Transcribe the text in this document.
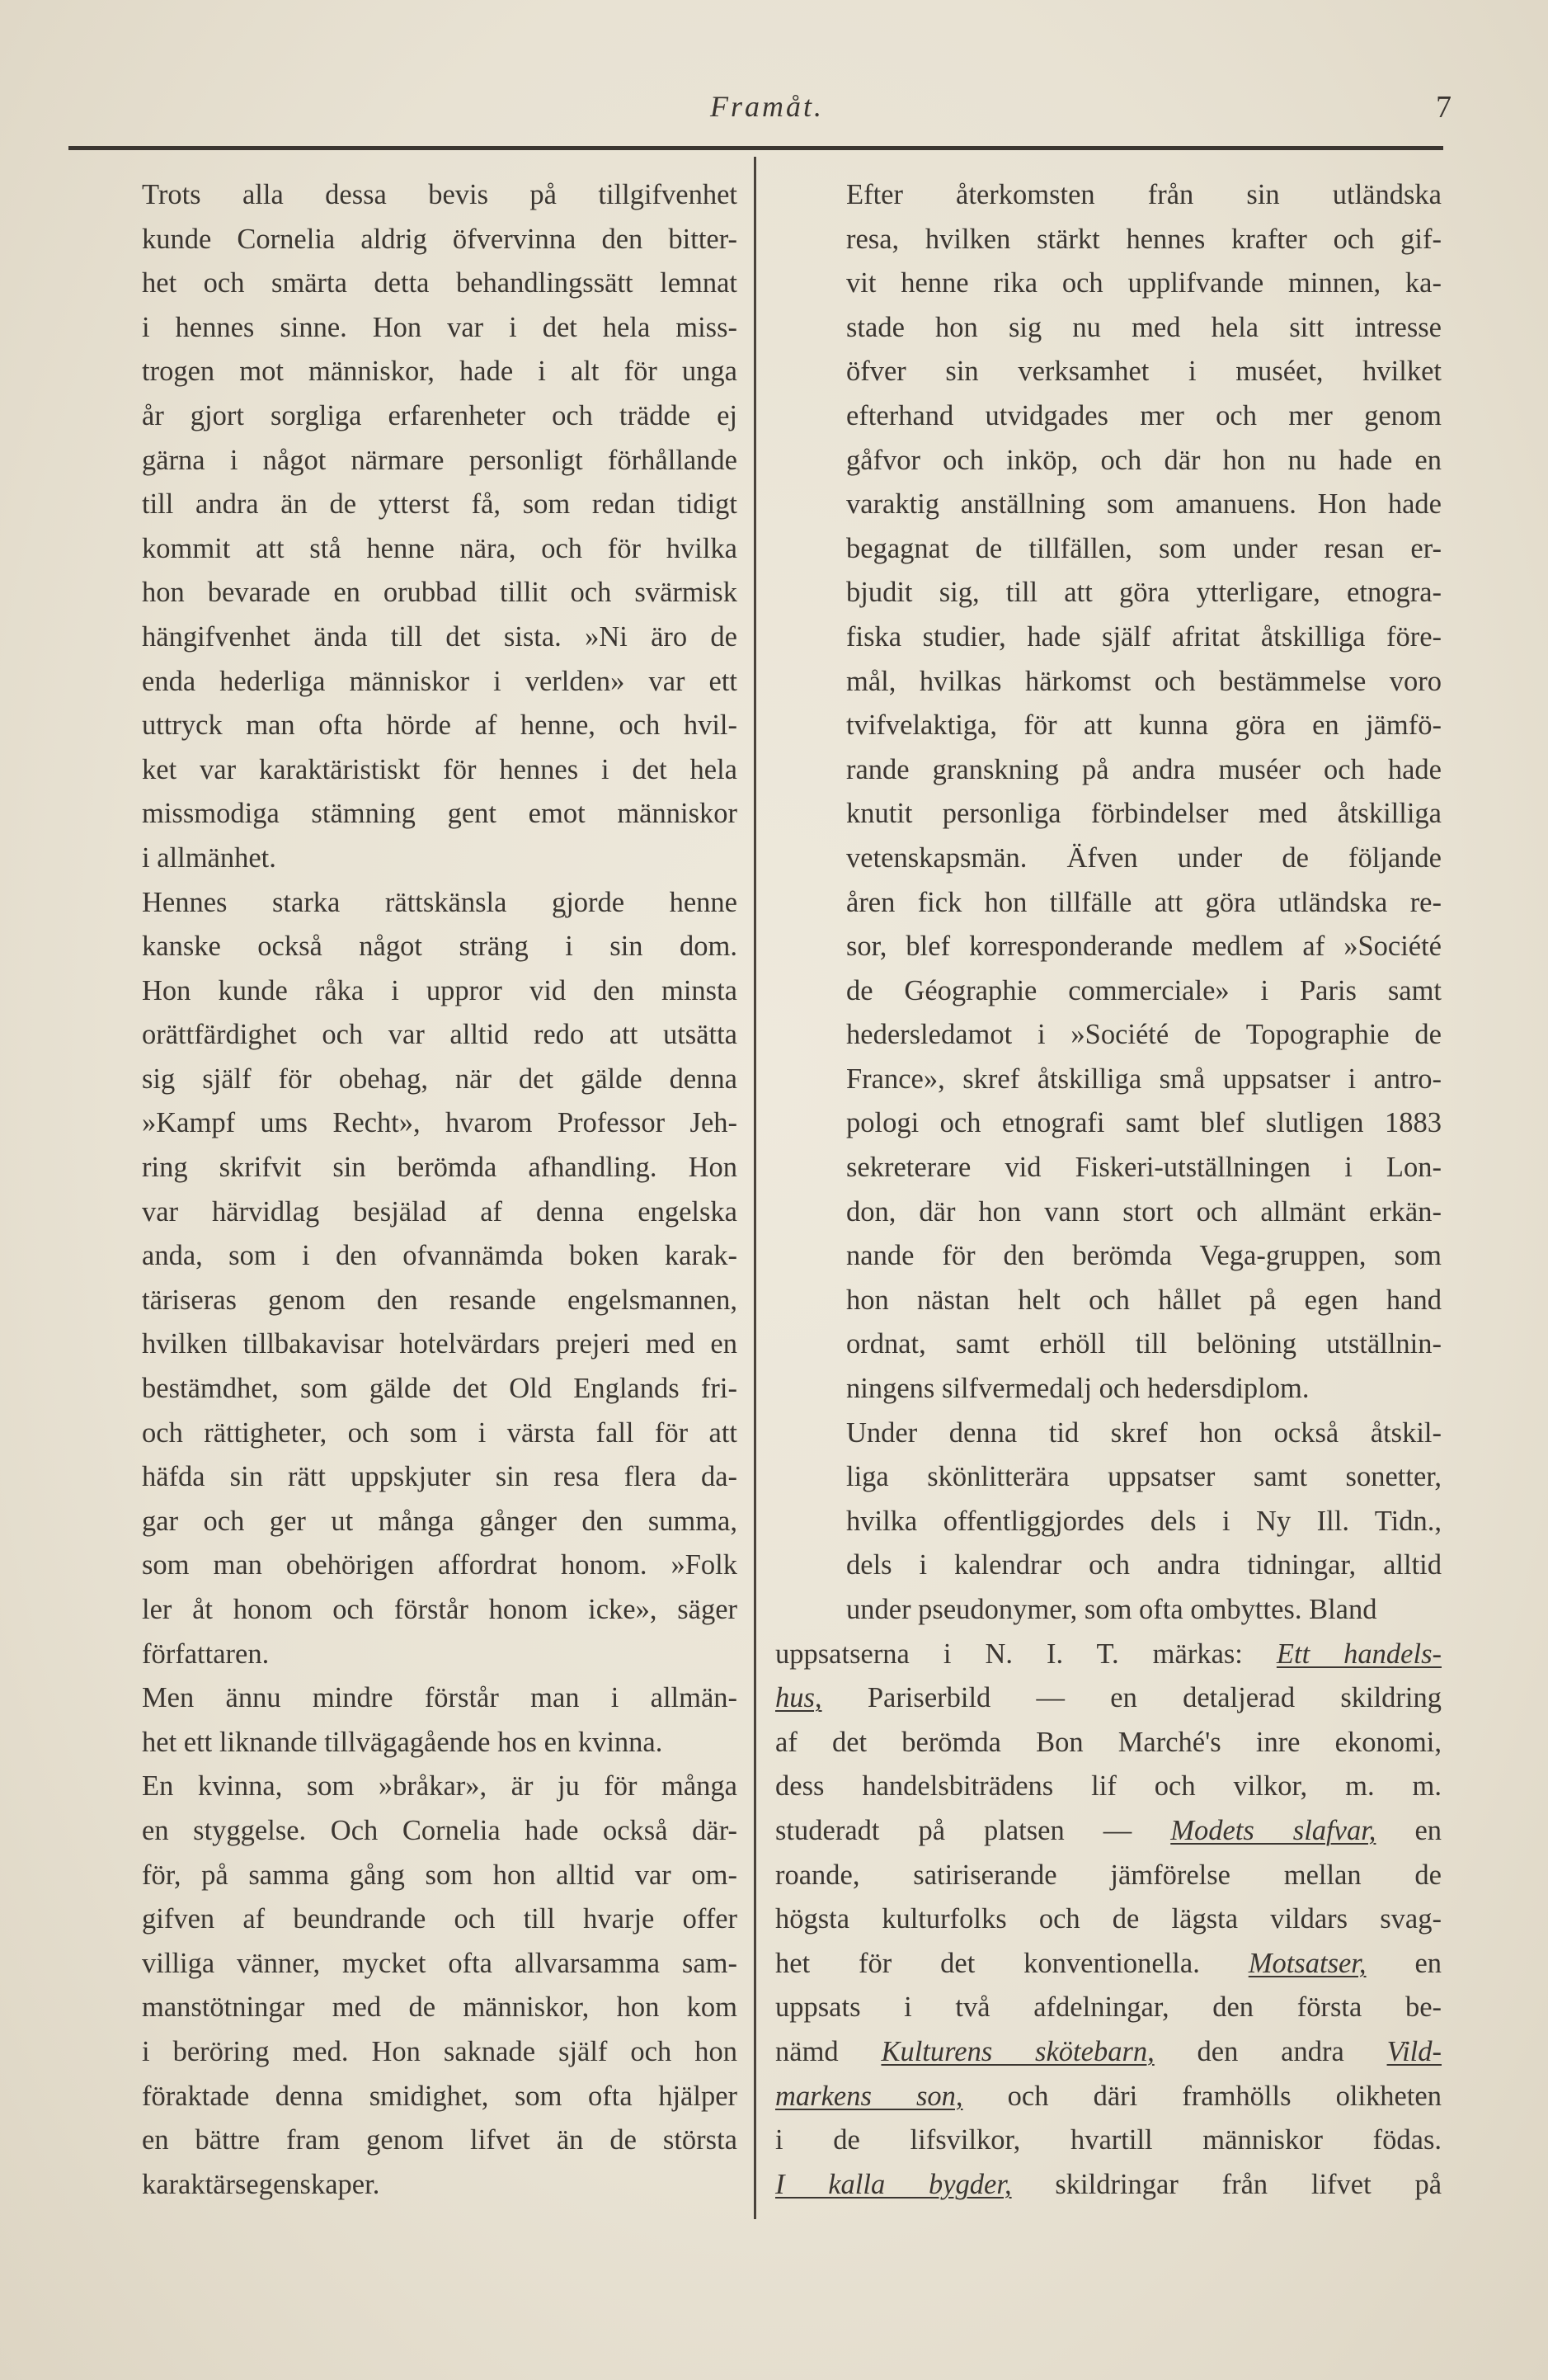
Framåt.	7
Trots alla dessa bevis på tillgifvenhet
kunde Cornelia aldrig öfvervinna den bitter-
het och smärta detta behandlingssätt lemnat
i hennes sinne. Hon var i det hela miss-
trogen mot människor, hade i alt för unga
år gjort sorgliga erfarenheter och trädde ej
gärna i något närmare personligt förhållande
till andra än de ytterst få, som redan tidigt
kommit att stå henne nära, och för hvilka
hon bevarade en orubbad tillit och svärmisk
hängifvenhet ända till det sista. »Ni äro de
enda hederliga människor i verlden» var ett
uttryck man ofta hörde af henne, och hvil-
ket var karaktäristiskt för hennes i det hela
missmodiga stämning gent emot människor
i allmänhet.
Hennes starka rättskänsla gjorde henne
kanske också något sträng i sin dom.
Hon kunde råka i uppror vid den minsta
orättfärdighet och var alltid redo att utsätta
sig själf för obehag, när det gälde denna
»Kampf ums Recht», hvarom Professor Jeh-
ring skrifvit sin berömda afhandling. Hon
var härvidlag besjälad af denna engelska
anda, som i den ofvannämda boken karak-
täriseras genom den resande engelsmannen,
hvilken tillbakavisar hotelvärdars prejeri med en
bestämdhet, som gälde det Old Englands fri-
och rättigheter, och som i värsta fall för att
häfda sin rätt uppskjuter sin resa flera da-
gar och ger ut många gånger den summa,
som man obehörigen affordrat honom. »Folk
ler åt honom och förstår honom icke», säger
författaren.
Men ännu mindre förstår man i allmän-
het ett liknande tillvägagående hos en kvinna.
En kvinna, som »bråkar», är ju för många
en styggelse. Och Cornelia hade också där-
för, på samma gång som hon alltid var om-
gifven af beundrande och till hvarje offer
villiga vänner, mycket ofta allvarsamma sam-
manstötningar med de människor, hon kom
i beröring med. Hon saknade själf och hon
föraktade denna smidighet, som ofta hjälper
en bättre fram genom lifvet än de största
karaktärsegenskaper.
Efter återkomsten från sin utländska
resa, hvilken stärkt hennes krafter och gif-
vit henne rika och upplifvande minnen, ka-
stade hon sig nu med hela sitt intresse
öfver sin verksamhet i muséet, hvilket
efterhand utvidgades mer och mer genom
gåfvor och inköp, och där hon nu hade en
varaktig anställning som amanuens. Hon hade
begagnat de tillfällen, som under resan er-
bjudit sig, till att göra ytterligare, etnogra-
fiska studier, hade själf afritat åtskilliga före-
mål, hvilkas härkomst och bestämmelse voro
tvifvelaktiga, för att kunna göra en jämfö-
rande granskning på andra muséer och hade
knutit personliga förbindelser med åtskilliga
vetenskapsmän. Äfven under de följande
åren fick hon tillfälle att göra utländska re-
sor, blef korresponderande medlem af »Société
de Géographie commerciale» i Paris samt
hedersledamot i »Société de Topographie de
France», skref åtskilliga små uppsatser i antro-
pologi och etnografi samt blef slutligen 1883
sekreterare vid Fiskeri-utställningen i Lon-
don, där hon vann stort och allmänt erkän-
nande för den berömda Vega-gruppen, som
hon nästan helt och hållet på egen hand
ordnat, samt erhöll till belöning utställnin-
ningens silfvermedalj och hedersdiplom.
Under denna tid skref hon också åtskil-
liga skönlitterära uppsatser samt sonetter,
hvilka offentliggjordes dels i Ny Ill. Tidn.,
dels i kalendrar och andra tidningar, alltid
under pseudonymer, som ofta ombyttes. Bland
uppsatserna i N. I. T. märkas: Ett handels-
hus, Pariserbild — en detaljerad skildring
af det berömda Bon Marché's inre ekonomi,
dess handelsbiträdens lif och vilkor, m. m.
studeradt på platsen — Modets slafvar, en
roande, satiriserande jämförelse mellan de
högsta kulturfolks och de lägsta vildars svag-
het för det konventionella. Motsatser, en
uppsats i två afdelningar, den första be-
nämd Kulturens skötebarn, den andra Vild-
markens son, och däri framhölls olikheten
i de lifsvilkor, hvartill människor födas.
I kalla bygder, skildringar från lifvet på
